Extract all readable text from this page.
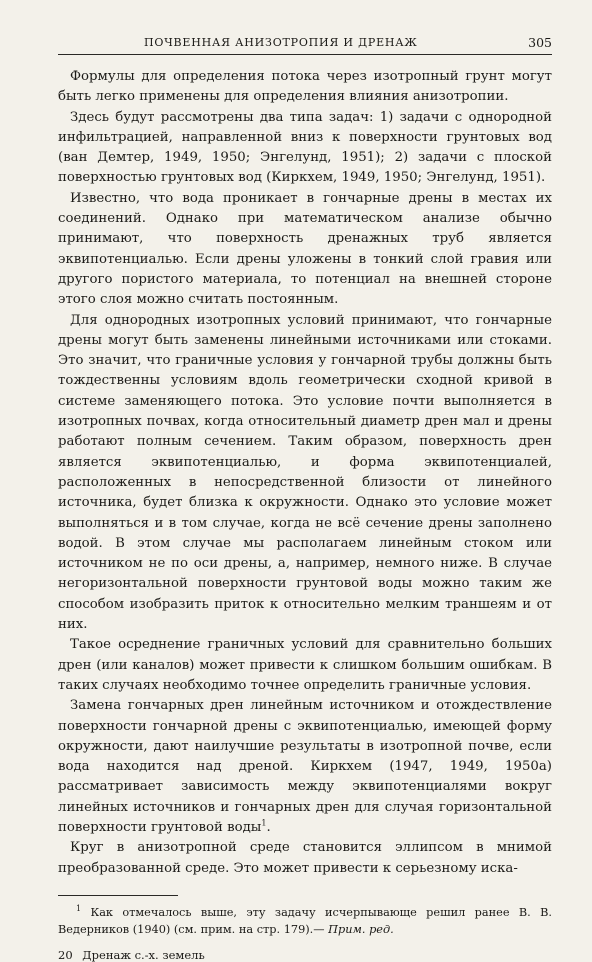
ПОЧВЕННАЯ АНИЗОТРОПИЯ И ДРЕНАЖ	305

Формулы для определения потока через изотропный грунт могут быть легко применены для определения влияния анизотропии.

Здесь будут рассмотрены два типа задач: 1) задачи с однородной инфильтрацией, направленной вниз к поверхности грунтовых вод (ван Демтер, 1949, 1950; Энгелунд, 1951); 2) задачи с плоской поверхностью грунтовых вод (Киркхем, 1949, 1950; Энгелунд, 1951).

Известно, что вода проникает в гончарные дрены в местах их соединений. Однако при математическом анализе обычно принимают, что поверхность дренажных труб является эквипотенциалью. Если дрены уложены в тонкий слой гравия или другого пористого материала, то потенциал на внешней стороне этого слоя можно считать постоянным.

Для однородных изотропных условий принимают, что гончарные дрены могут быть заменены линейными источниками или стоками. Это значит, что граничные условия у гончарной трубы должны быть тождественны условиям вдоль геометрически сходной кривой в системе заменяющего потока. Это условие почти выполняется в изотропных почвах, когда относительный диаметр дрен мал и дрены работают полным сечением. Таким образом, поверхность дрен является эквипотенциалью, и форма эквипотенциалей, расположенных в непосредственной близости от линейного источника, будет близка к окружности. Однако это условие может выполняться и в том случае, когда не всё сечение дрены заполнено водой. В этом случае мы располагаем линейным стоком или источником не по оси дрены, а, например, немного ниже. В случае негоризонтальной поверхности грунтовой воды можно таким же способом изобразить приток к относительно мелким траншеям и от них.

Такое осреднение граничных условий для сравнительно больших дрен (или каналов) может привести к слишком большим ошибкам. В таких случаях необходимо точнее определить граничные условия.

Замена гончарных дрен линейным источником и отождествление поверхности гончарной дрены с эквипотенциалью, имеющей форму окружности, дают наилучшие результаты в изотропной почве, если вода находится над дреной. Киркхем (1947, 1949, 1950а) рассматривает зависимость между эквипотенциалями вокруг линейных источников и гончарных дрен для случая горизонтальной поверхности грунтовой воды$^1$.

Круг в анизотропной среде становится эллипсом в мнимой преобразованной среде. Это может привести к серьезному иска-

$^1$ Как отмечалось выше, эту задачу исчерпывающе решил ранее В. В. Ведерников (1940) (см. прим. на стр. 179).— Прим. ред.
20 Дренаж с.-х. земель
